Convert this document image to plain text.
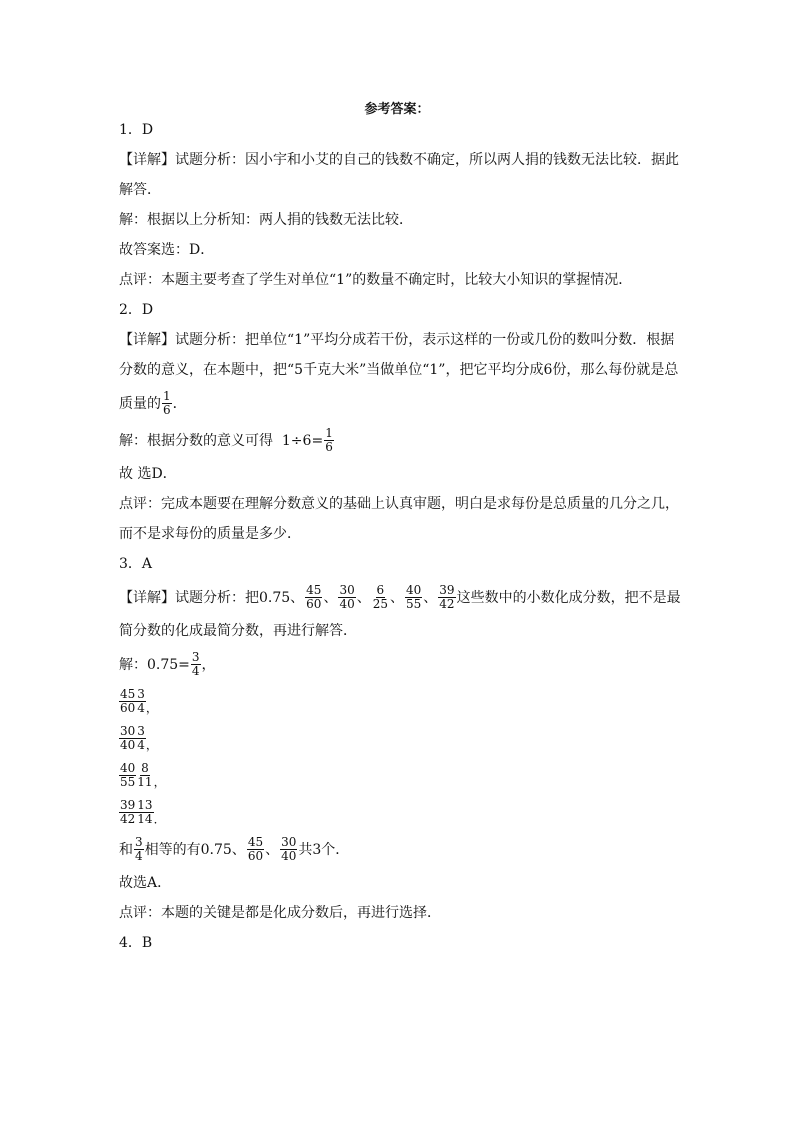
参考答案：
1．D
【详解】试题分析：因小宇和小艾的自己的钱数不确定，所以两人捐的钱数无法比较．据此
解答．
解：根据以上分析知：两人捐的钱数无法比较．
故答案选：D．
点评：本题主要考查了学生对单位“1”的数量不确定时，比较大小知识的掌握情况．
2．D
【详解】试题分析：把单位“1”平均分成若干份，表示这样的一份或几份的数叫分数．根据
分数的意义，在本题中，把“5千克大米”当做单位“1”，把它平均分成6份，那么每份就是总
质量的 1
6 ．
解：根据分数的意义可得  $1\div 6= \frac{1}{6}$
故 选D．
点评：完成本题要在理解分数意义的基础上认真审题，明白是求每份是总质量的几分之几，
而不是求每份的质量是多少．
3．A
【详解】试题分析：把0.75、 45
60 、 30
40 、 6
25 、 40
55 、 39
42 这些数中的小数化成分数，把不是最
简分数的化成最简分数，再进行解答．
解：$0.75= \frac{3}{4}$ ，
45
60
3
4 ，
30
40
3
4 ，
40
55
8
11 ，
39
42
13
14 ．
和 3
4 相等的有0.75、 45
60 、 30
40 共3个．
故选A．
点评：本题的关键是都是化成分数后，再进行选择．
4．B
